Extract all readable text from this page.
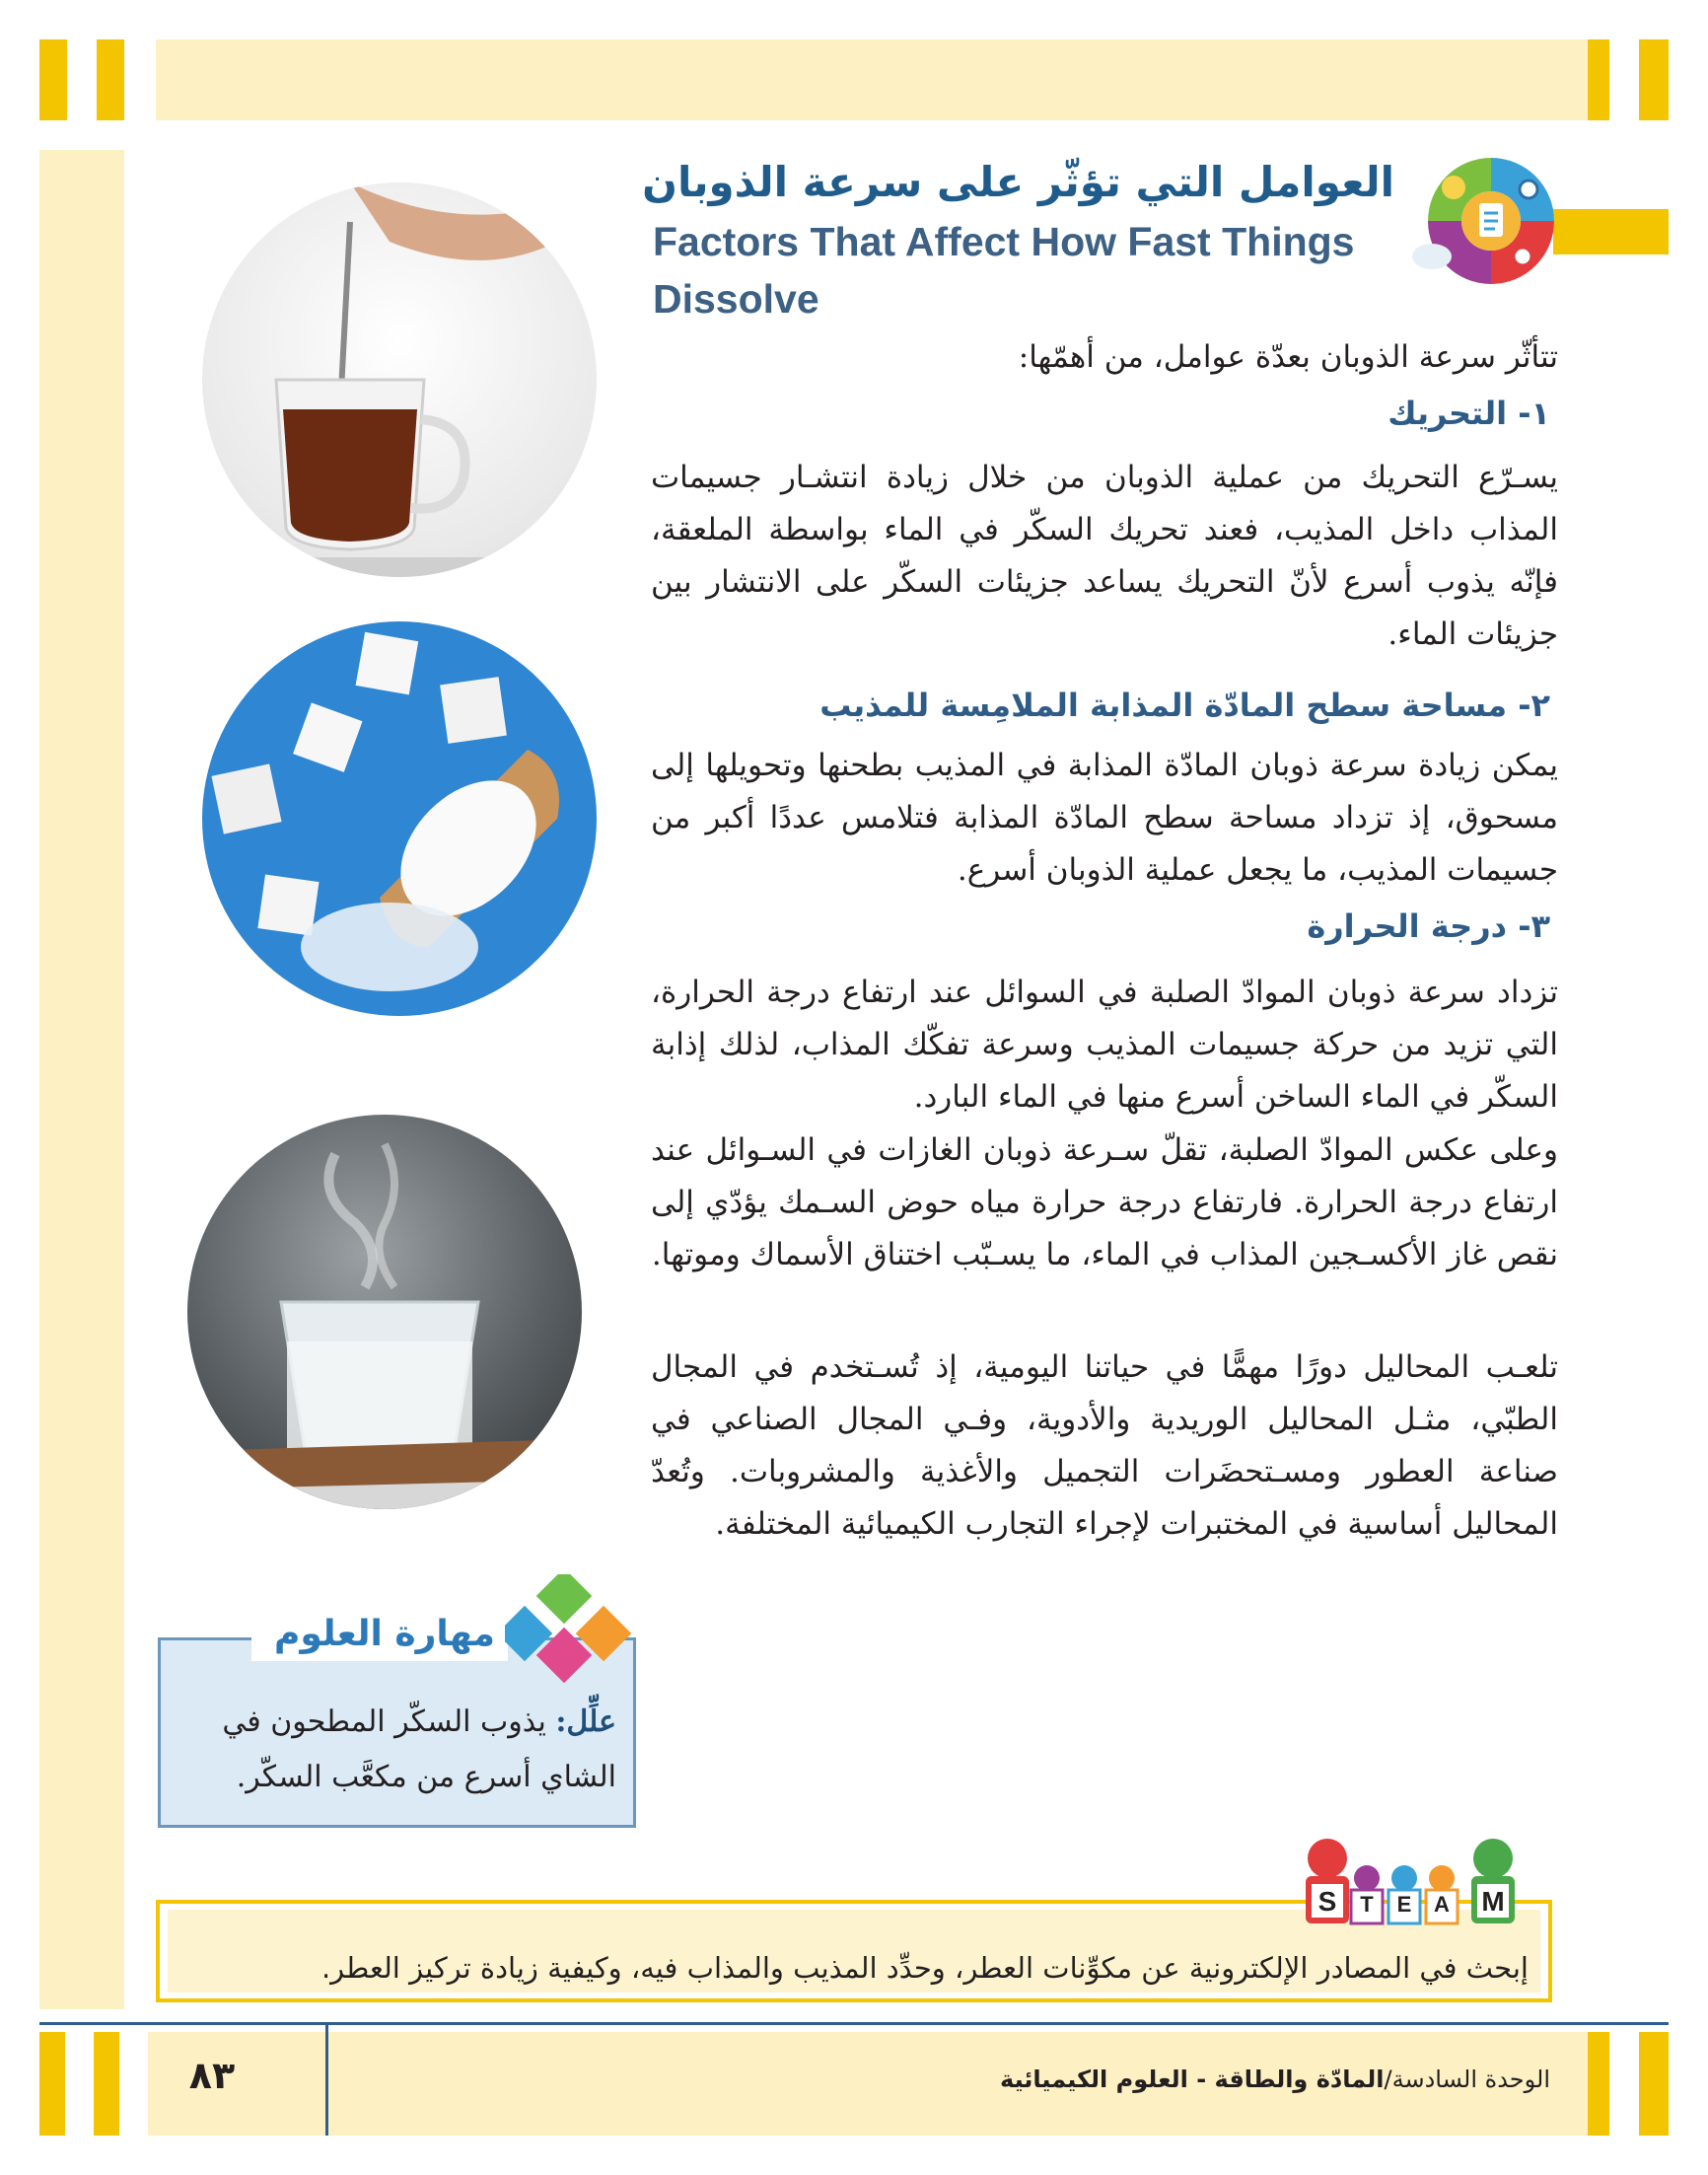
العوامل التي تؤثّر على سرعة الذوبان
Factors That Affect How Fast Things
Dissolve
تتأثّر سرعة الذوبان بعدّة عوامل، من أهمّها:
١- التحريك
يسـرّع التحريك من عملية الذوبان من خلال زيادة انتشـار جسيمات المذاب داخل المذيب، فعند تحريك السكّر في الماء بواسطة الملعقة، فإنّه يذوب أسرع لأنّ التحريك يساعد جزيئات السكّر على الانتشار بين جزيئات الماء.
٢- مساحة سطح المادّة المذابة الملامِسة للمذيب
يمكن زيادة سرعة ذوبان المادّة المذابة في المذيب بطحنها وتحويلها إلى مسحوق، إذ تزداد مساحة سطح المادّة المذابة فتلامس عددًا أكبر من جسيمات المذيب، ما يجعل عملية الذوبان أسرع.
٣- درجة الحرارة
تزداد سرعة ذوبان الموادّ الصلبة في السوائل عند ارتفاع درجة الحرارة، التي تزيد من حركة جسيمات المذيب وسرعة تفكّك المذاب، لذلك إذابة السكّر في الماء الساخن أسرع منها في الماء البارد.
وعلى عكس الموادّ الصلبة، تقلّ سـرعة ذوبان الغازات في السـوائل عند ارتفاع درجة الحرارة. فارتفاع درجة حرارة مياه حوض السـمك يؤدّي إلى نقص غاز الأكسـجين المذاب في الماء، ما يسـبّب اختناق الأسماك وموتها.
تلعـب المحاليل دورًا مهمًّا في حياتنا اليومية، إذ تُسـتخدم في المجال الطبّي، مثـل المحاليل الوريدية والأدوية، وفـي المجال الصناعي في صناعة العطور ومسـتحضَرات التجميل والأغذية والمشروبات. وتُعدّ المحاليل أساسية في المختبرات لإجراء التجارب الكيميائية المختلفة.
مهارة العلوم
علِّل: يذوب السكّر المطحون في الشاي أسرع من مكعَّب السكّر.
إبحث في المصادر الإلكترونية عن مكوِّنات العطر، وحدِّد المذيب والمذاب فيه، وكيفية زيادة تركيز العطر.
S	T	E	A M
٨٣	الوحدة السادسة/المادّة والطاقة - العلوم الكيميائية
